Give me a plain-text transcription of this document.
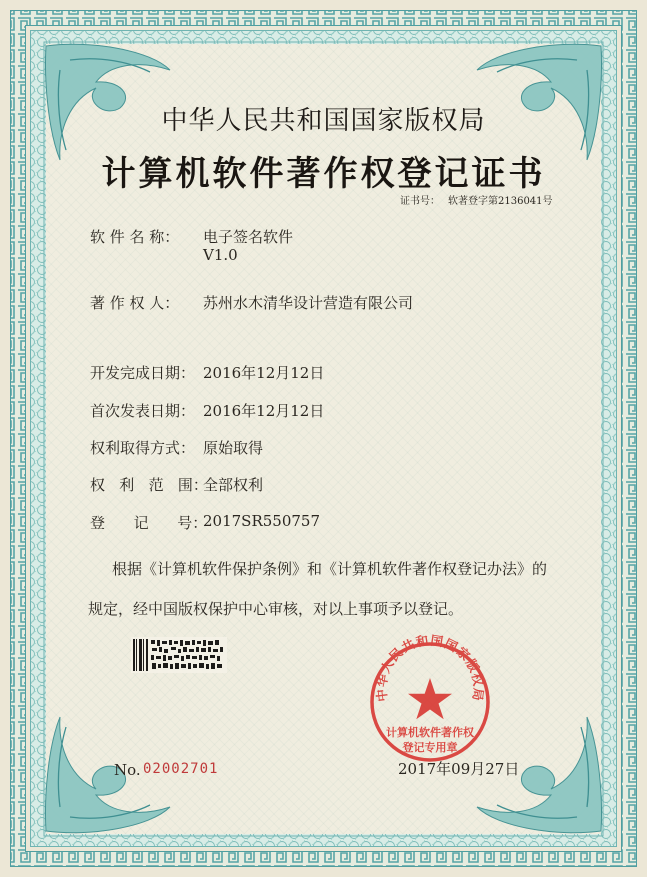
中华人民共和国国家版权局
计算机软件著作权登记证书
证书号： 软著登字第2136041号
软 件 名 称： 电子签名软件
V1.0
著 作 权 人： 苏州水木清华设计营造有限公司
开发完成日期： 2016年12月12日
首次发表日期： 2016年12月12日
权利取得方式： 原始取得
权   利   范   围：
全部权利
登      记      号：
2017SR550757
根据《计算机软件保护条例》和《计算机软件著作权登记办法》的
规定，经中国版权保护中心审核，对以上事项予以登记。
No. 02002701	2017年09月27日
中华人民共和国国家版权局
计算机软件著作权
登记专用章
